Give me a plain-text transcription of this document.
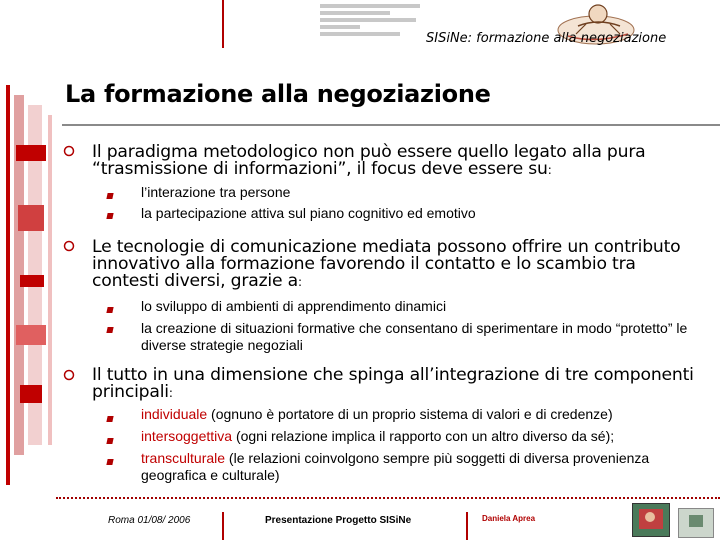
SISiNe: formazione alla negoziazione
La formazione alla negoziazione
Il paradigma metodologico non può essere quello legato alla pura “trasmissione di informazioni”, il focus deve essere su:
l’interazione tra persone
la partecipazione attiva sul piano cognitivo ed emotivo
Le tecnologie di comunicazione mediata possono offrire un contributo innovativo alla formazione favorendo il contatto e lo scambio tra contesti diversi, grazie a:
lo sviluppo di ambienti di apprendimento dinamici
la creazione di situazioni formative che consentano di sperimentare in modo “protetto” le diverse strategie negoziali
Il tutto in una dimensione che spinga all’integrazione di tre componenti principali:
individuale (ognuno è portatore di un proprio sistema di valori e di credenze)
intersoggettiva (ogni relazione implica il rapporto con un altro diverso da sé);
transculturale (le relazioni coinvolgono sempre più soggetti di diversa provenienza geografica e culturale)
Roma 01/08/ 2006	Presentazione Progetto SISiNe	Daniela Aprea
